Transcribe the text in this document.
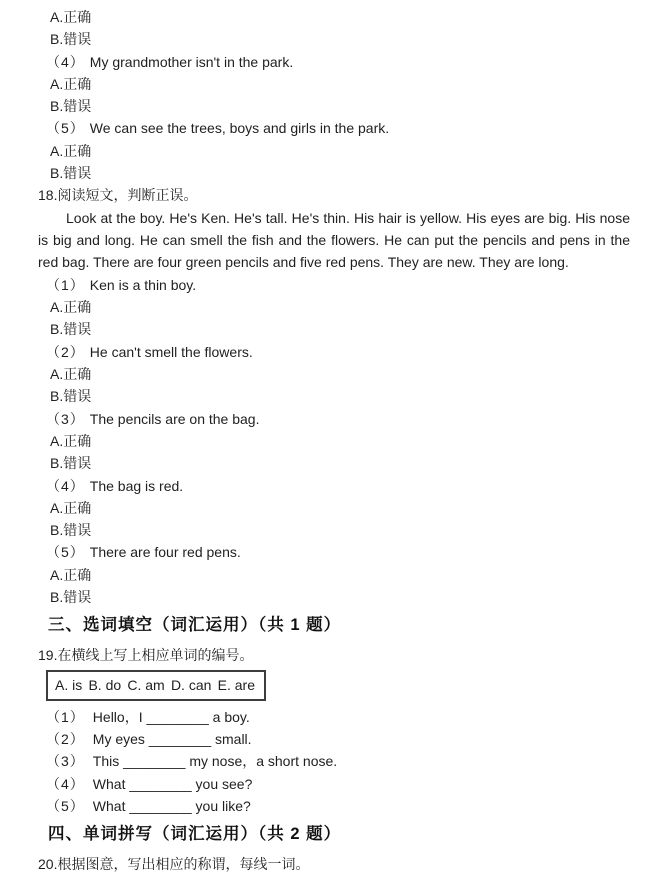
A.正确
B.错误
（4） My grandmother isn't in the park.
A.正确
B.错误
（5） We can see the trees, boys and girls in the park.
A.正确
B.错误
18.阅读短文，判断正误。
Look at the boy. He's Ken. He's tall. He's thin. His hair is yellow. His eyes are big. His nose is big and long. He can smell the fish and the flowers. He can put the pencils and pens in the red bag. There are four green pencils and five red pens. They are new. They are long.
（1） Ken is a thin boy.
A.正确
B.错误
（2） He can't smell the flowers.
A.正确
B.错误
（3） The pencils are on the bag.
A.正确
B.错误
（4） The bag is red.
A.正确
B.错误
（5） There are four red pens.
A.正确
B.错误
三、选词填空（词汇运用）（共 1 题）
19.在横线上写上相应单词的编号。
A. is B. do C. am D. can E. are
（1） Hello，I ________ a boy.
（2） My eyes ________ small.
（3） This ________ my nose，a short nose.
（4） What ________ you see?
（5） What ________ you like?
四、单词拼写（词汇运用）（共 2 题）
20.根据图意，写出相应的称谓，每线一词。
